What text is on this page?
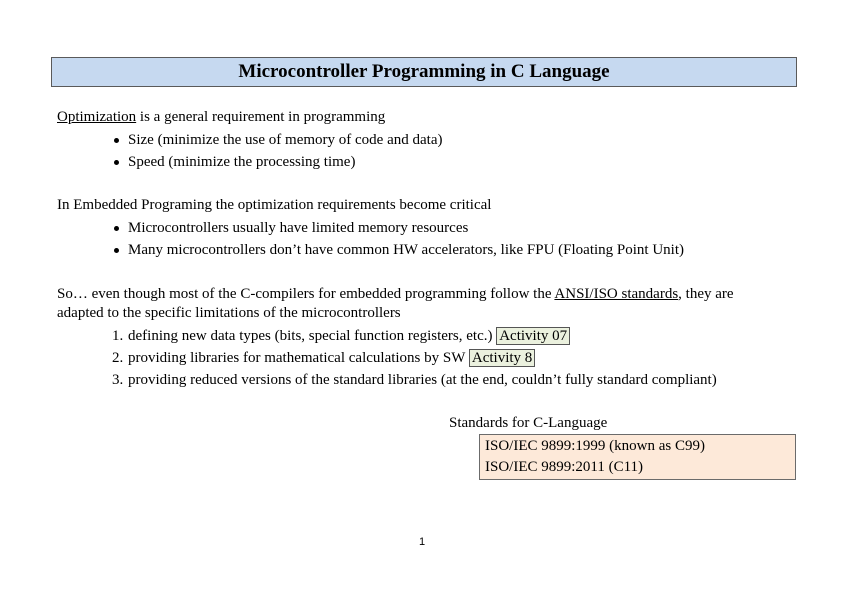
Microcontroller Programming in C Language
Optimization is a general requirement in programming
Size (minimize the use of memory of code and data)
Speed (minimize the processing time)
In Embedded Programing the optimization requirements become critical
Microcontrollers usually have limited memory resources
Many microcontrollers don’t have common HW accelerators, like FPU (Floating Point Unit)
So… even though most of the C-compilers for embedded programming follow the ANSI/ISO standards, they are
adapted to the specific limitations of the microcontrollers
1. defining new data types (bits, special function registers, etc.) Activity 07
2. providing libraries for mathematical calculations by SW Activity 8
3. providing reduced versions of the standard libraries (at the end, couldn’t fully standard compliant)
Standards for C-Language
ISO/IEC 9899:1999 (known as C99)
ISO/IEC 9899:2011 (C11)
1
